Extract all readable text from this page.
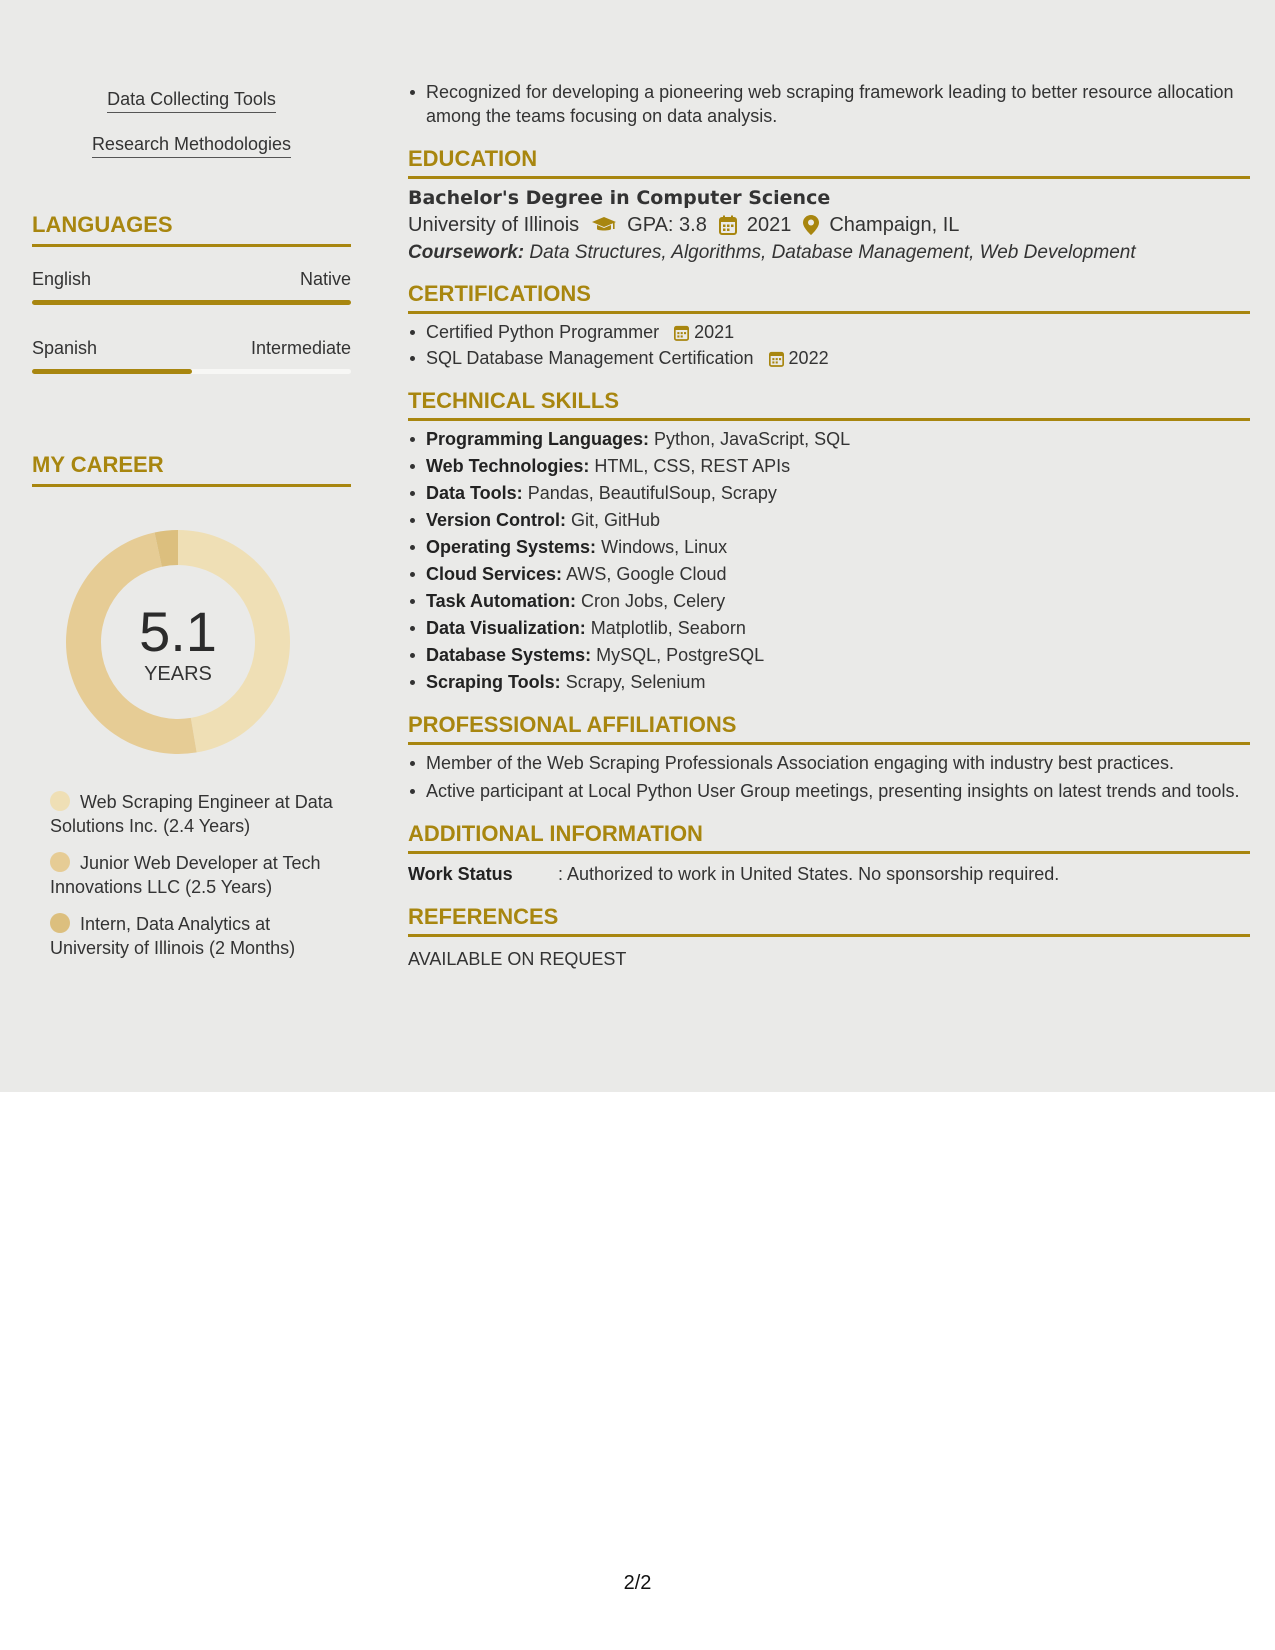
Data Collecting Tools
Research Methodologies
LANGUAGES
English	Native
Spanish	Intermediate
MY CAREER
5.1
YEARS
Web Scraping Engineer at Data Solutions Inc. (2.4 Years)
Junior Web Developer at Tech Innovations LLC (2.5 Years)
Intern, Data Analytics at University of Illinois (2 Months)
Recognized for developing a pioneering web scraping framework leading to better resource allocation among the teams focusing on data analysis.
EDUCATION
Bachelor's Degree in Computer Science
University of Illinois GPA: 3.8 2021 Champaign, IL
Coursework: Data Structures, Algorithms, Database Management, Web Development
CERTIFICATIONS
Certified Python Programmer 2021
SQL Database Management Certification 2022
TECHNICAL SKILLS
Programming Languages: Python, JavaScript, SQL
Web Technologies: HTML, CSS, REST APIs
Data Tools: Pandas, BeautifulSoup, Scrapy
Version Control: Git, GitHub
Operating Systems: Windows, Linux
Cloud Services: AWS, Google Cloud
Task Automation: Cron Jobs, Celery
Data Visualization: Matplotlib, Seaborn
Database Systems: MySQL, PostgreSQL
Scraping Tools: Scrapy, Selenium
PROFESSIONAL AFFILIATIONS
Member of the Web Scraping Professionals Association engaging with industry best practices.
Active participant at Local Python User Group meetings, presenting insights on latest trends and tools.
ADDITIONAL INFORMATION
Work Status	: Authorized to work in United States. No sponsorship required.
REFERENCES
AVAILABLE ON REQUEST
2/2
